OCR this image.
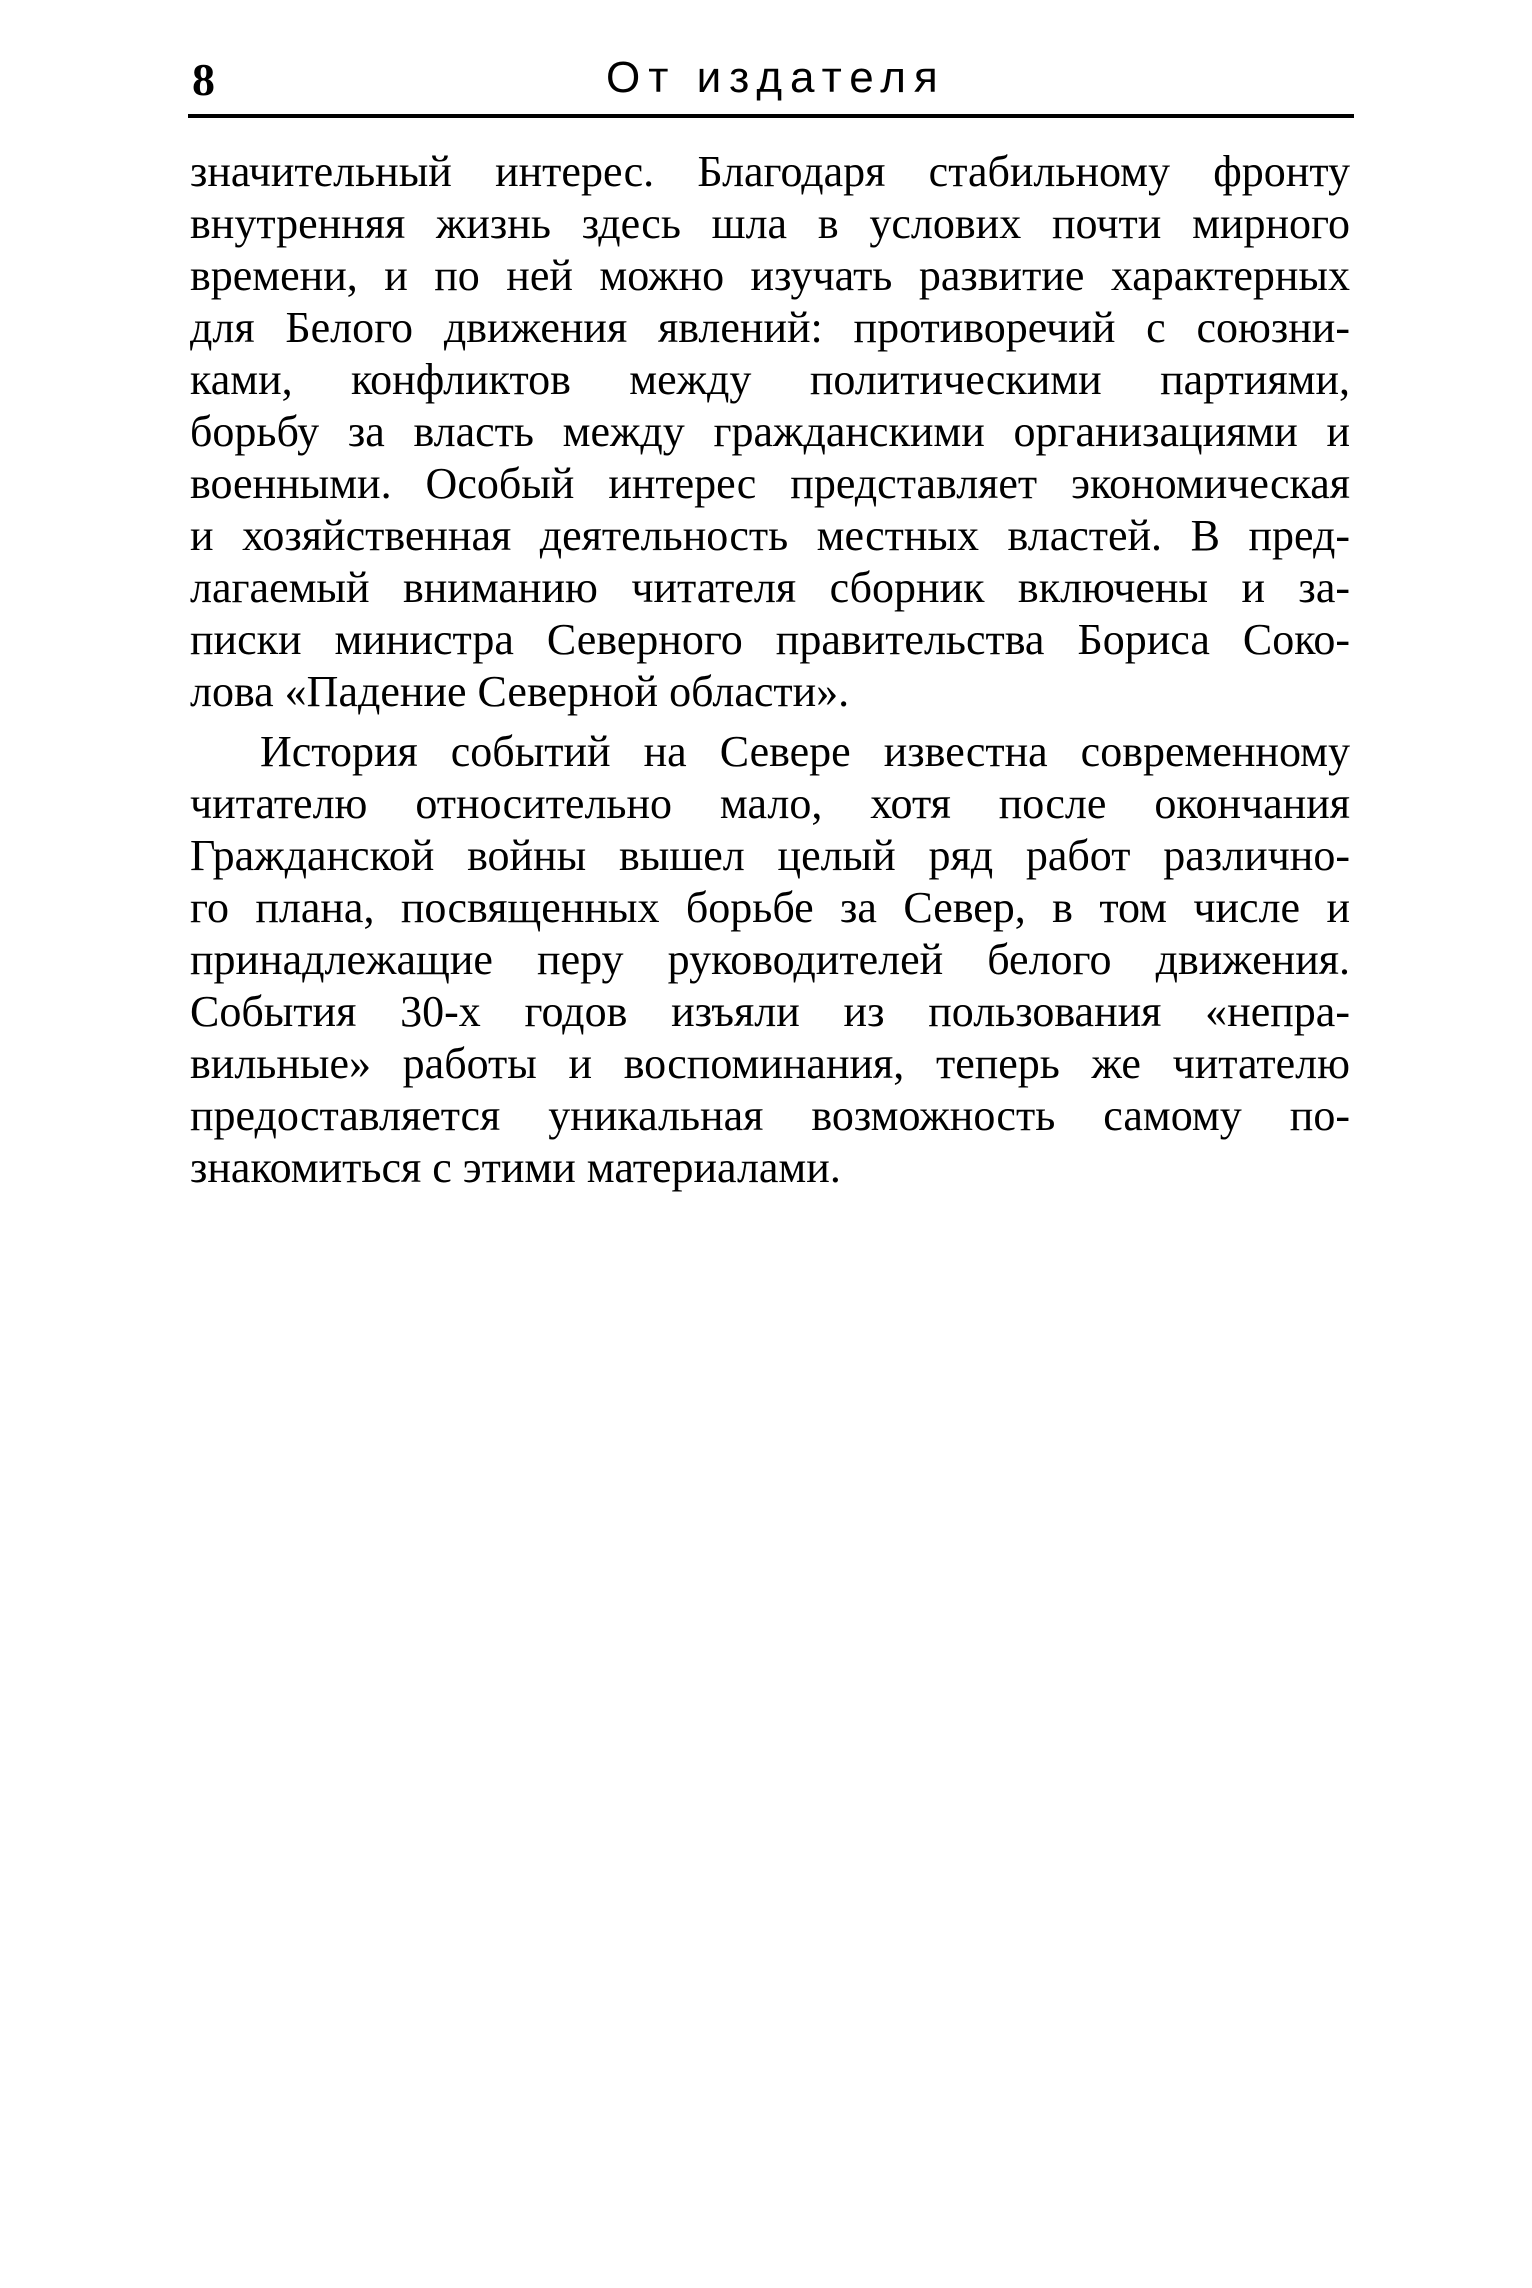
8	От издателя
значительный интерес. Благодаря стабильному фронту
внутренняя жизнь здесь шла в услових почти мирного
времени, и по ней можно изучать развитие характерных
для Белого движения явлений: противоречий с союзни-
ками, конфликтов между политическими партиями,
борьбу за власть между гражданскими организациями и
военными. Особый интерес представляет экономическая
и хозяйственная деятельность местных властей. В пред-
лагаемый вниманию читателя сборник включены и за-
писки министра Северного правительства Бориса Соко-
лова «Падение Северной области».
История событий на Севере известна современному
читателю относительно мало, хотя после окончания
Гражданской войны вышел целый ряд работ различно-
го плана, посвященных борьбе за Север, в том числе и
принадлежащие перу руководителей белого движения.
События 30-х годов изъяли из пользования «непра-
вильные» работы и воспоминания, теперь же читателю
предоставляется уникальная возможность самому по-
знакомиться с этими материалами.
